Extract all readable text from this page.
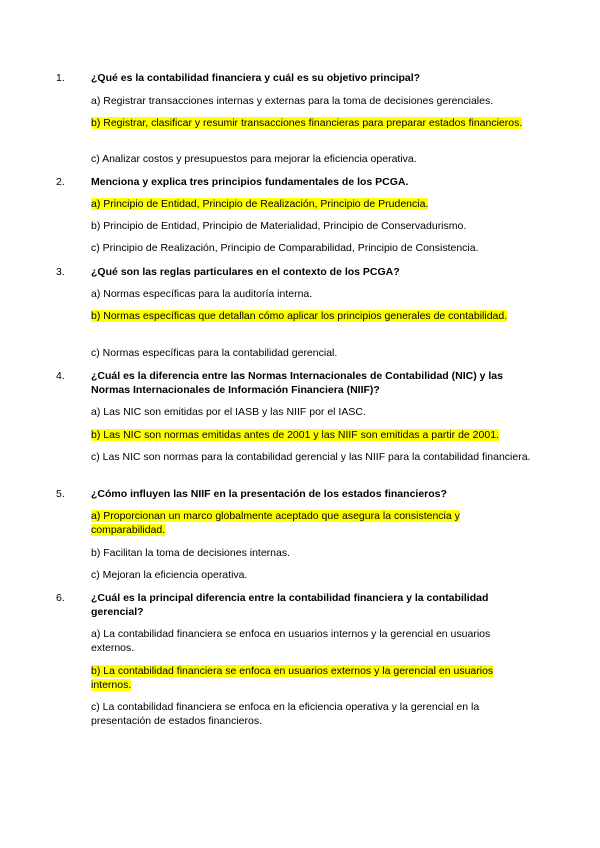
1. ¿Qué es la contabilidad financiera y cuál es su objetivo principal?
a) Registrar transacciones internas y externas para la toma de decisiones gerenciales.
b) Registrar, clasificar y resumir transacciones financieras para preparar estados financieros.
c) Analizar costos y presupuestos para mejorar la eficiencia operativa.
2. Menciona y explica tres principios fundamentales de los PCGA.
a) Principio de Entidad, Principio de Realización, Principio de Prudencia.
b) Principio de Entidad, Principio de Materialidad, Principio de Conservadurismo.
c) Principio de Realización, Principio de Comparabilidad, Principio de Consistencia.
3. ¿Qué son las reglas particulares en el contexto de los PCGA?
a) Normas específicas para la auditoría interna.
b) Normas específicas que detallan cómo aplicar los principios generales de contabilidad.
c) Normas específicas para la contabilidad gerencial.
4. ¿Cuál es la diferencia entre las Normas Internacionales de Contabilidad (NIC) y las Normas Internacionales de Información Financiera (NIIF)?
a) Las NIC son emitidas por el IASB y las NIIF por el IASC.
b) Las NIC son normas emitidas antes de 2001 y las NIIF son emitidas a partir de 2001.
c) Las NIC son normas para la contabilidad gerencial y las NIIF para la contabilidad financiera.
5. ¿Cómo influyen las NIIF en la presentación de los estados financieros?
a) Proporcionan un marco globalmente aceptado que asegura la consistencia y comparabilidad.
b) Facilitan la toma de decisiones internas.
c) Mejoran la eficiencia operativa.
6. ¿Cuál es la principal diferencia entre la contabilidad financiera y la contabilidad gerencial?
a) La contabilidad financiera se enfoca en usuarios internos y la gerencial en usuarios externos.
b) La contabilidad financiera se enfoca en usuarios externos y la gerencial en usuarios internos.
c) La contabilidad financiera se enfoca en la eficiencia operativa y la gerencial en la presentación de estados financieros.
